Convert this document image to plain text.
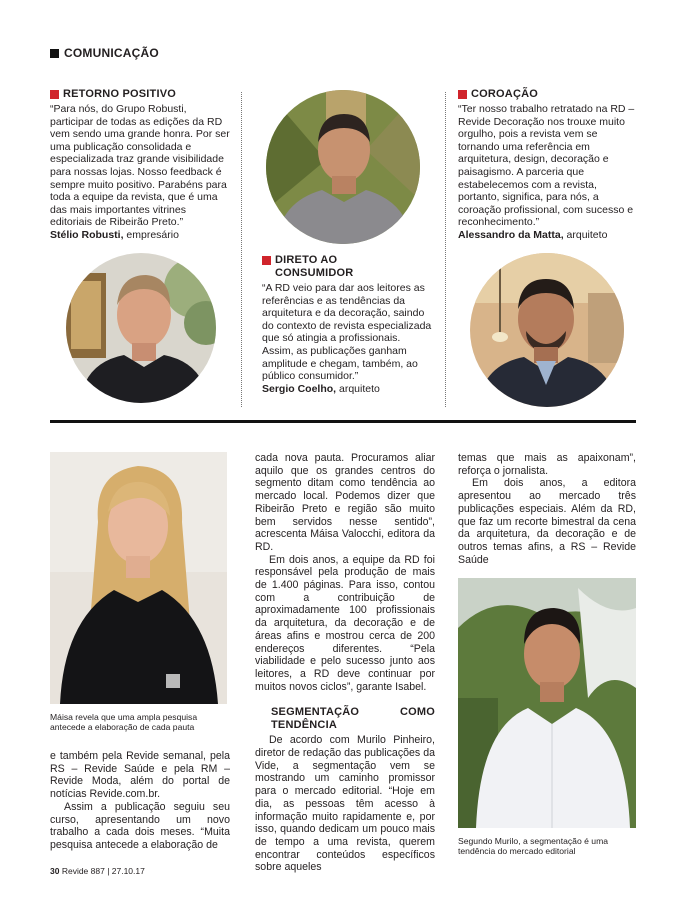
COMUNICAÇÃO
RETORNO POSITIVO
“Para nós, do Grupo Robusti, participar de todas as edições da RD vem sendo uma grande honra. Por ser uma publicação consolidada e especializada traz grande visibilidade para nossas lojas. Nosso feedback é sempre muito positivo. Parabéns para toda a equipe da revista, que é uma das mais importantes vitrines editoriais de Ribeirão Preto.”
Stélio Robusti, empresário
DIRETO AO CONSUMIDOR
“A RD veio para dar aos leitores as referências e as tendências da arquitetura e da decoração, saindo do contexto de revista especializada que só atingia a profissionais. Assim, as publicações ganham amplitude e chegam, também, ao público consumidor.”
Sergio Coelho, arquiteto
COROAÇÃO
“Ter nosso trabalho retratado na RD – Revide Decoração nos trouxe muito orgulho, pois a revista vem se tornando uma referência em arquitetura, design, decoração e paisagismo. A parceria que estabelecemos com a revista, portanto, significa, para nós, a coroação profissional, com sucesso e reconhecimento.”
Alessandro da Matta, arquiteto
Máisa revela que uma ampla pesquisa antecede a elaboração de cada pauta

e também pela Revide semanal, pela RS – Revide Saúde e pela RM – Revide Moda, além do portal de notícias Revide.com.br.

Assim a publicação seguiu seu curso, apresentando um novo trabalho a cada dois meses. “Muita pesquisa antecede a elaboração de

cada nova pauta. Procuramos aliar aquilo que os grandes centros do segmento ditam como tendência ao mercado local. Podemos dizer que Ribeirão Preto e região são muito bem servidos nesse sentido”, acrescenta Máisa Valocchi, editora da RD.

Em dois anos, a equipe da RD foi responsável pela produção de mais de 1.400 páginas. Para isso, contou com a contribuição de aproximadamente 100 profissionais da arquitetura, da decoração e de áreas afins e mostrou cerca de 200 endereços diferentes. “Pela viabilidade e pelo sucesso junto aos leitores, a RD deve continuar por muitos novos ciclos”, garante Isabel.

SEGMENTAÇÃO COMO TENDÊNCIA

De acordo com Murilo Pinheiro, diretor de redação das publicações da Vide, a segmentação vem se mostrando um caminho promissor para o mercado editorial. “Hoje em dia, as pessoas têm acesso à informação muito rapidamente e, por isso, quando dedicam um pouco mais de tempo a uma revista, querem encontrar conteúdos específicos sobre aqueles

temas que mais as apaixonam”, reforça o jornalista.

Em dois anos, a editora apresentou ao mercado três publicações especiais. Além da RD, que faz um recorte bimestral da cena da arquitetura, da decoração e de outros temas afins, a RS – Revide Saúde

Segundo Murilo, a segmentação é uma tendência do mercado editorial
30 Revide 887 | 27.10.17
